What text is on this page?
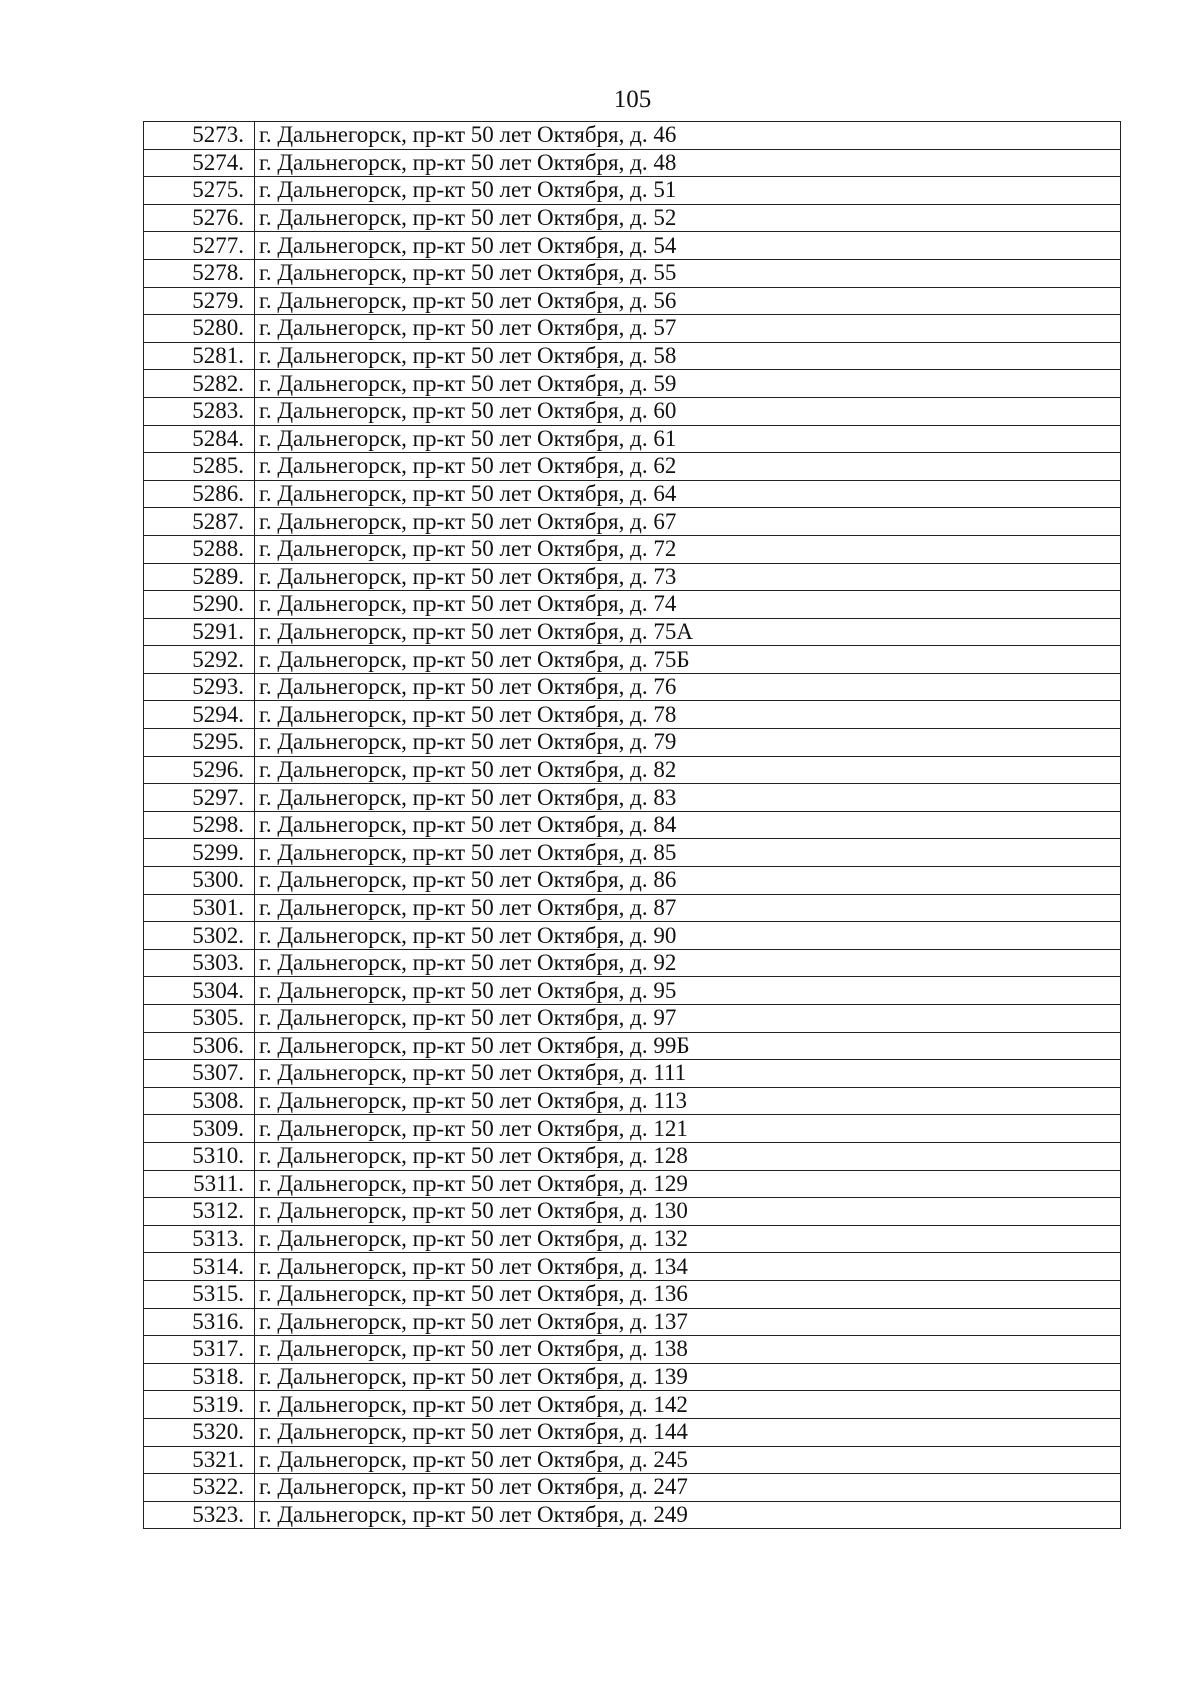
105
5273.	г. Дальнегорск, пр-кт 50 лет Октября, д. 46
5274.	г. Дальнегорск, пр-кт 50 лет Октября, д. 48
5275.	г. Дальнегорск, пр-кт 50 лет Октября, д. 51
5276.	г. Дальнегорск, пр-кт 50 лет Октября, д. 52
5277.	г. Дальнегорск, пр-кт 50 лет Октября, д. 54
5278.	г. Дальнегорск, пр-кт 50 лет Октября, д. 55
5279.	г. Дальнегорск, пр-кт 50 лет Октября, д. 56
5280.	г. Дальнегорск, пр-кт 50 лет Октября, д. 57
5281.	г. Дальнегорск, пр-кт 50 лет Октября, д. 58
5282.	г. Дальнегорск, пр-кт 50 лет Октября, д. 59
5283.	г. Дальнегорск, пр-кт 50 лет Октября, д. 60
5284.	г. Дальнегорск, пр-кт 50 лет Октября, д. 61
5285.	г. Дальнегорск, пр-кт 50 лет Октября, д. 62
5286.	г. Дальнегорск, пр-кт 50 лет Октября, д. 64
5287.	г. Дальнегорск, пр-кт 50 лет Октября, д. 67
5288.	г. Дальнегорск, пр-кт 50 лет Октября, д. 72
5289.	г. Дальнегорск, пр-кт 50 лет Октября, д. 73
5290.	г. Дальнегорск, пр-кт 50 лет Октября, д. 74
5291.	г. Дальнегорск, пр-кт 50 лет Октября, д. 75А
5292.	г. Дальнегорск, пр-кт 50 лет Октября, д. 75Б
5293.	г. Дальнегорск, пр-кт 50 лет Октября, д. 76
5294.	г. Дальнегорск, пр-кт 50 лет Октября, д. 78
5295.	г. Дальнегорск, пр-кт 50 лет Октября, д. 79
5296.	г. Дальнегорск, пр-кт 50 лет Октября, д. 82
5297.	г. Дальнегорск, пр-кт 50 лет Октября, д. 83
5298.	г. Дальнегорск, пр-кт 50 лет Октября, д. 84
5299.	г. Дальнегорск, пр-кт 50 лет Октября, д. 85
5300.	г. Дальнегорск, пр-кт 50 лет Октября, д. 86
5301.	г. Дальнегорск, пр-кт 50 лет Октября, д. 87
5302.	г. Дальнегорск, пр-кт 50 лет Октября, д. 90
5303.	г. Дальнегорск, пр-кт 50 лет Октября, д. 92
5304.	г. Дальнегорск, пр-кт 50 лет Октября, д. 95
5305.	г. Дальнегорск, пр-кт 50 лет Октября, д. 97
5306.	г. Дальнегорск, пр-кт 50 лет Октября, д. 99Б
5307.	г. Дальнегорск, пр-кт 50 лет Октября, д. 111
5308.	г. Дальнегорск, пр-кт 50 лет Октября, д. 113
5309.	г. Дальнегорск, пр-кт 50 лет Октября, д. 121
5310.	г. Дальнегорск, пр-кт 50 лет Октября, д. 128
5311.	г. Дальнегорск, пр-кт 50 лет Октября, д. 129
5312.	г. Дальнегорск, пр-кт 50 лет Октября, д. 130
5313.	г. Дальнегорск, пр-кт 50 лет Октября, д. 132
5314.	г. Дальнегорск, пр-кт 50 лет Октября, д. 134
5315.	г. Дальнегорск, пр-кт 50 лет Октября, д. 136
5316.	г. Дальнегорск, пр-кт 50 лет Октября, д. 137
5317.	г. Дальнегорск, пр-кт 50 лет Октября, д. 138
5318.	г. Дальнегорск, пр-кт 50 лет Октября, д. 139
5319.	г. Дальнегорск, пр-кт 50 лет Октября, д. 142
5320.	г. Дальнегорск, пр-кт 50 лет Октября, д. 144
5321.	г. Дальнегорск, пр-кт 50 лет Октября, д. 245
5322.	г. Дальнегорск, пр-кт 50 лет Октября, д. 247
5323.	г. Дальнегорск, пр-кт 50 лет Октября, д. 249
